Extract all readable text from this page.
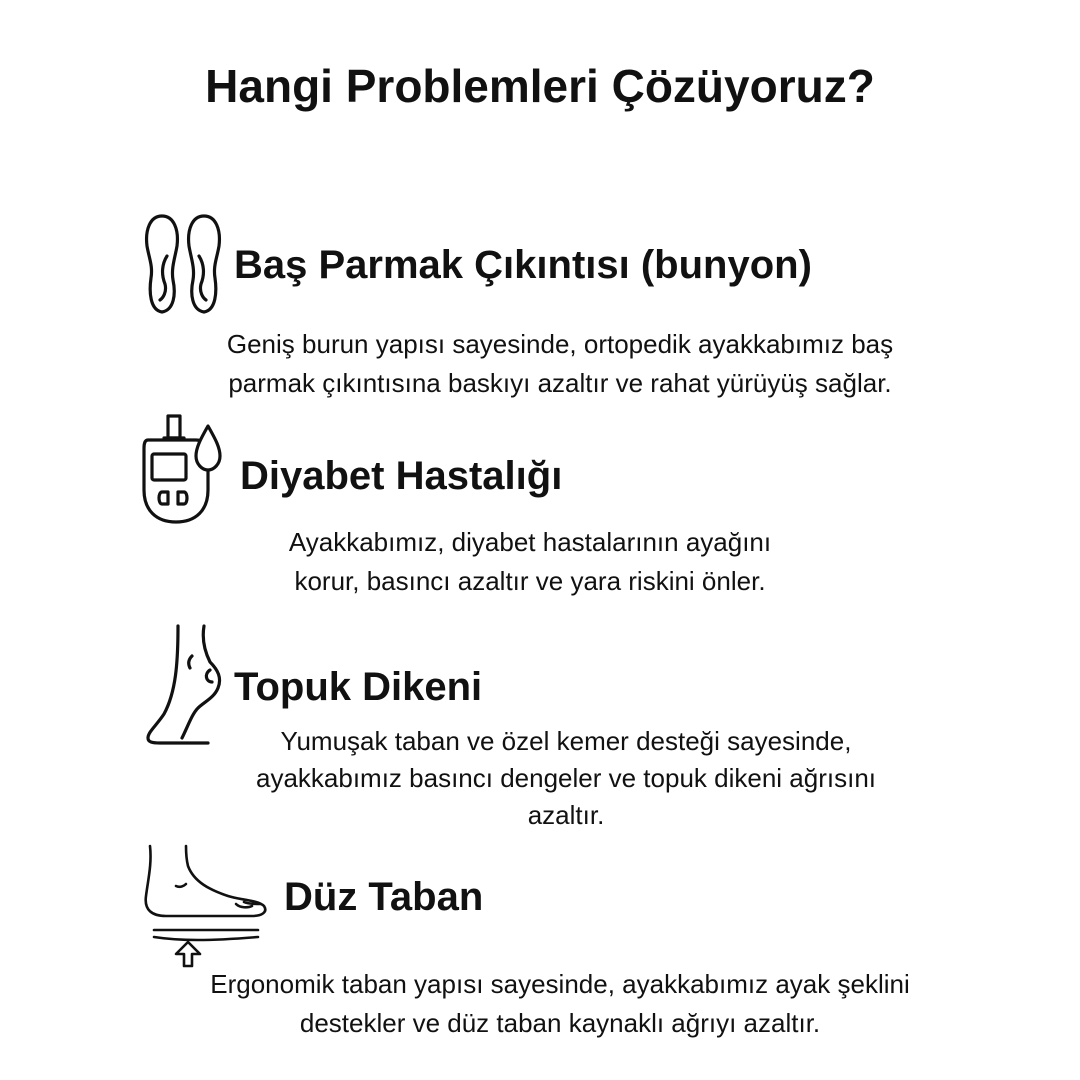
Hangi Problemleri Çözüyoruz?
Baş Parmak Çıkıntısı (bunyon)

Geniş burun yapısı sayesinde, ortopedik ayakkabımız baş parmak çıkıntısına baskıyı azaltır ve rahat yürüyüş sağlar.

Diyabet Hastalığı

Ayakkabımız, diyabet hastalarının ayağını korur, basıncı azaltır ve yara riskini önler.

Topuk Dikeni

Yumuşak taban ve özel kemer desteği sayesinde, ayakkabımız basıncı dengeler ve topuk dikeni ağrısını azaltır.

Düz Taban

Ergonomik taban yapısı sayesinde, ayakkabımız ayak şeklini destekler ve düz taban kaynaklı ağrıyı azaltır.
